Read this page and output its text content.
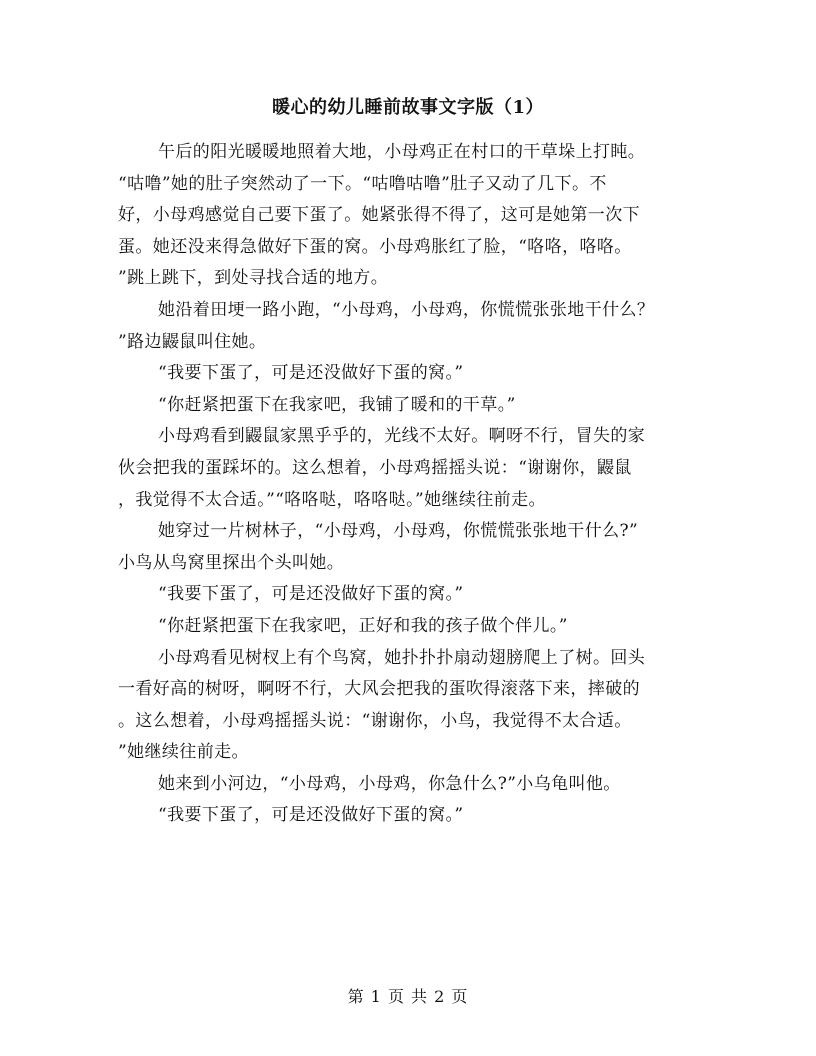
暖心的幼儿睡前故事文字版（1）

午后的阳光暖暖地照着大地，小母鸡正在村口的干草垛上打盹。
“咕噜”她的肚子突然动了一下。“咕噜咕噜”肚子又动了几下。不
好，小母鸡感觉自己要下蛋了。她紧张得不得了，这可是她第一次下
蛋。她还没来得急做好下蛋的窝。小母鸡胀红了脸，“咯咯，咯咯。
”跳上跳下，到处寻找合适的地方。
她沿着田埂一路小跑，“小母鸡，小母鸡，你慌慌张张地干什么？
”路边鼹鼠叫住她。
“我要下蛋了，可是还没做好下蛋的窝。”
“你赶紧把蛋下在我家吧，我铺了暖和的干草。”
小母鸡看到鼹鼠家黑乎乎的，光线不太好。啊呀不行，冒失的家
伙会把我的蛋踩坏的。这么想着，小母鸡摇摇头说：“谢谢你，鼹鼠
，我觉得不太合适。”“咯咯哒，咯咯哒。”她继续往前走。
她穿过一片树林子，“小母鸡，小母鸡，你慌慌张张地干什么?”
小鸟从鸟窝里探出个头叫她。
“我要下蛋了，可是还没做好下蛋的窝。”
“你赶紧把蛋下在我家吧，正好和我的孩子做个伴儿。”
小母鸡看见树杈上有个鸟窝，她扑扑扑扇动翅膀爬上了树。回头
一看好高的树呀，啊呀不行，大风会把我的蛋吹得滚落下来，摔破的
。这么想着，小母鸡摇摇头说：“谢谢你，小鸟，我觉得不太合适。
”她继续往前走。
她来到小河边，“小母鸡，小母鸡，你急什么?”小乌龟叫他。
“我要下蛋了，可是还没做好下蛋的窝。”

第 1 页 共 2 页
